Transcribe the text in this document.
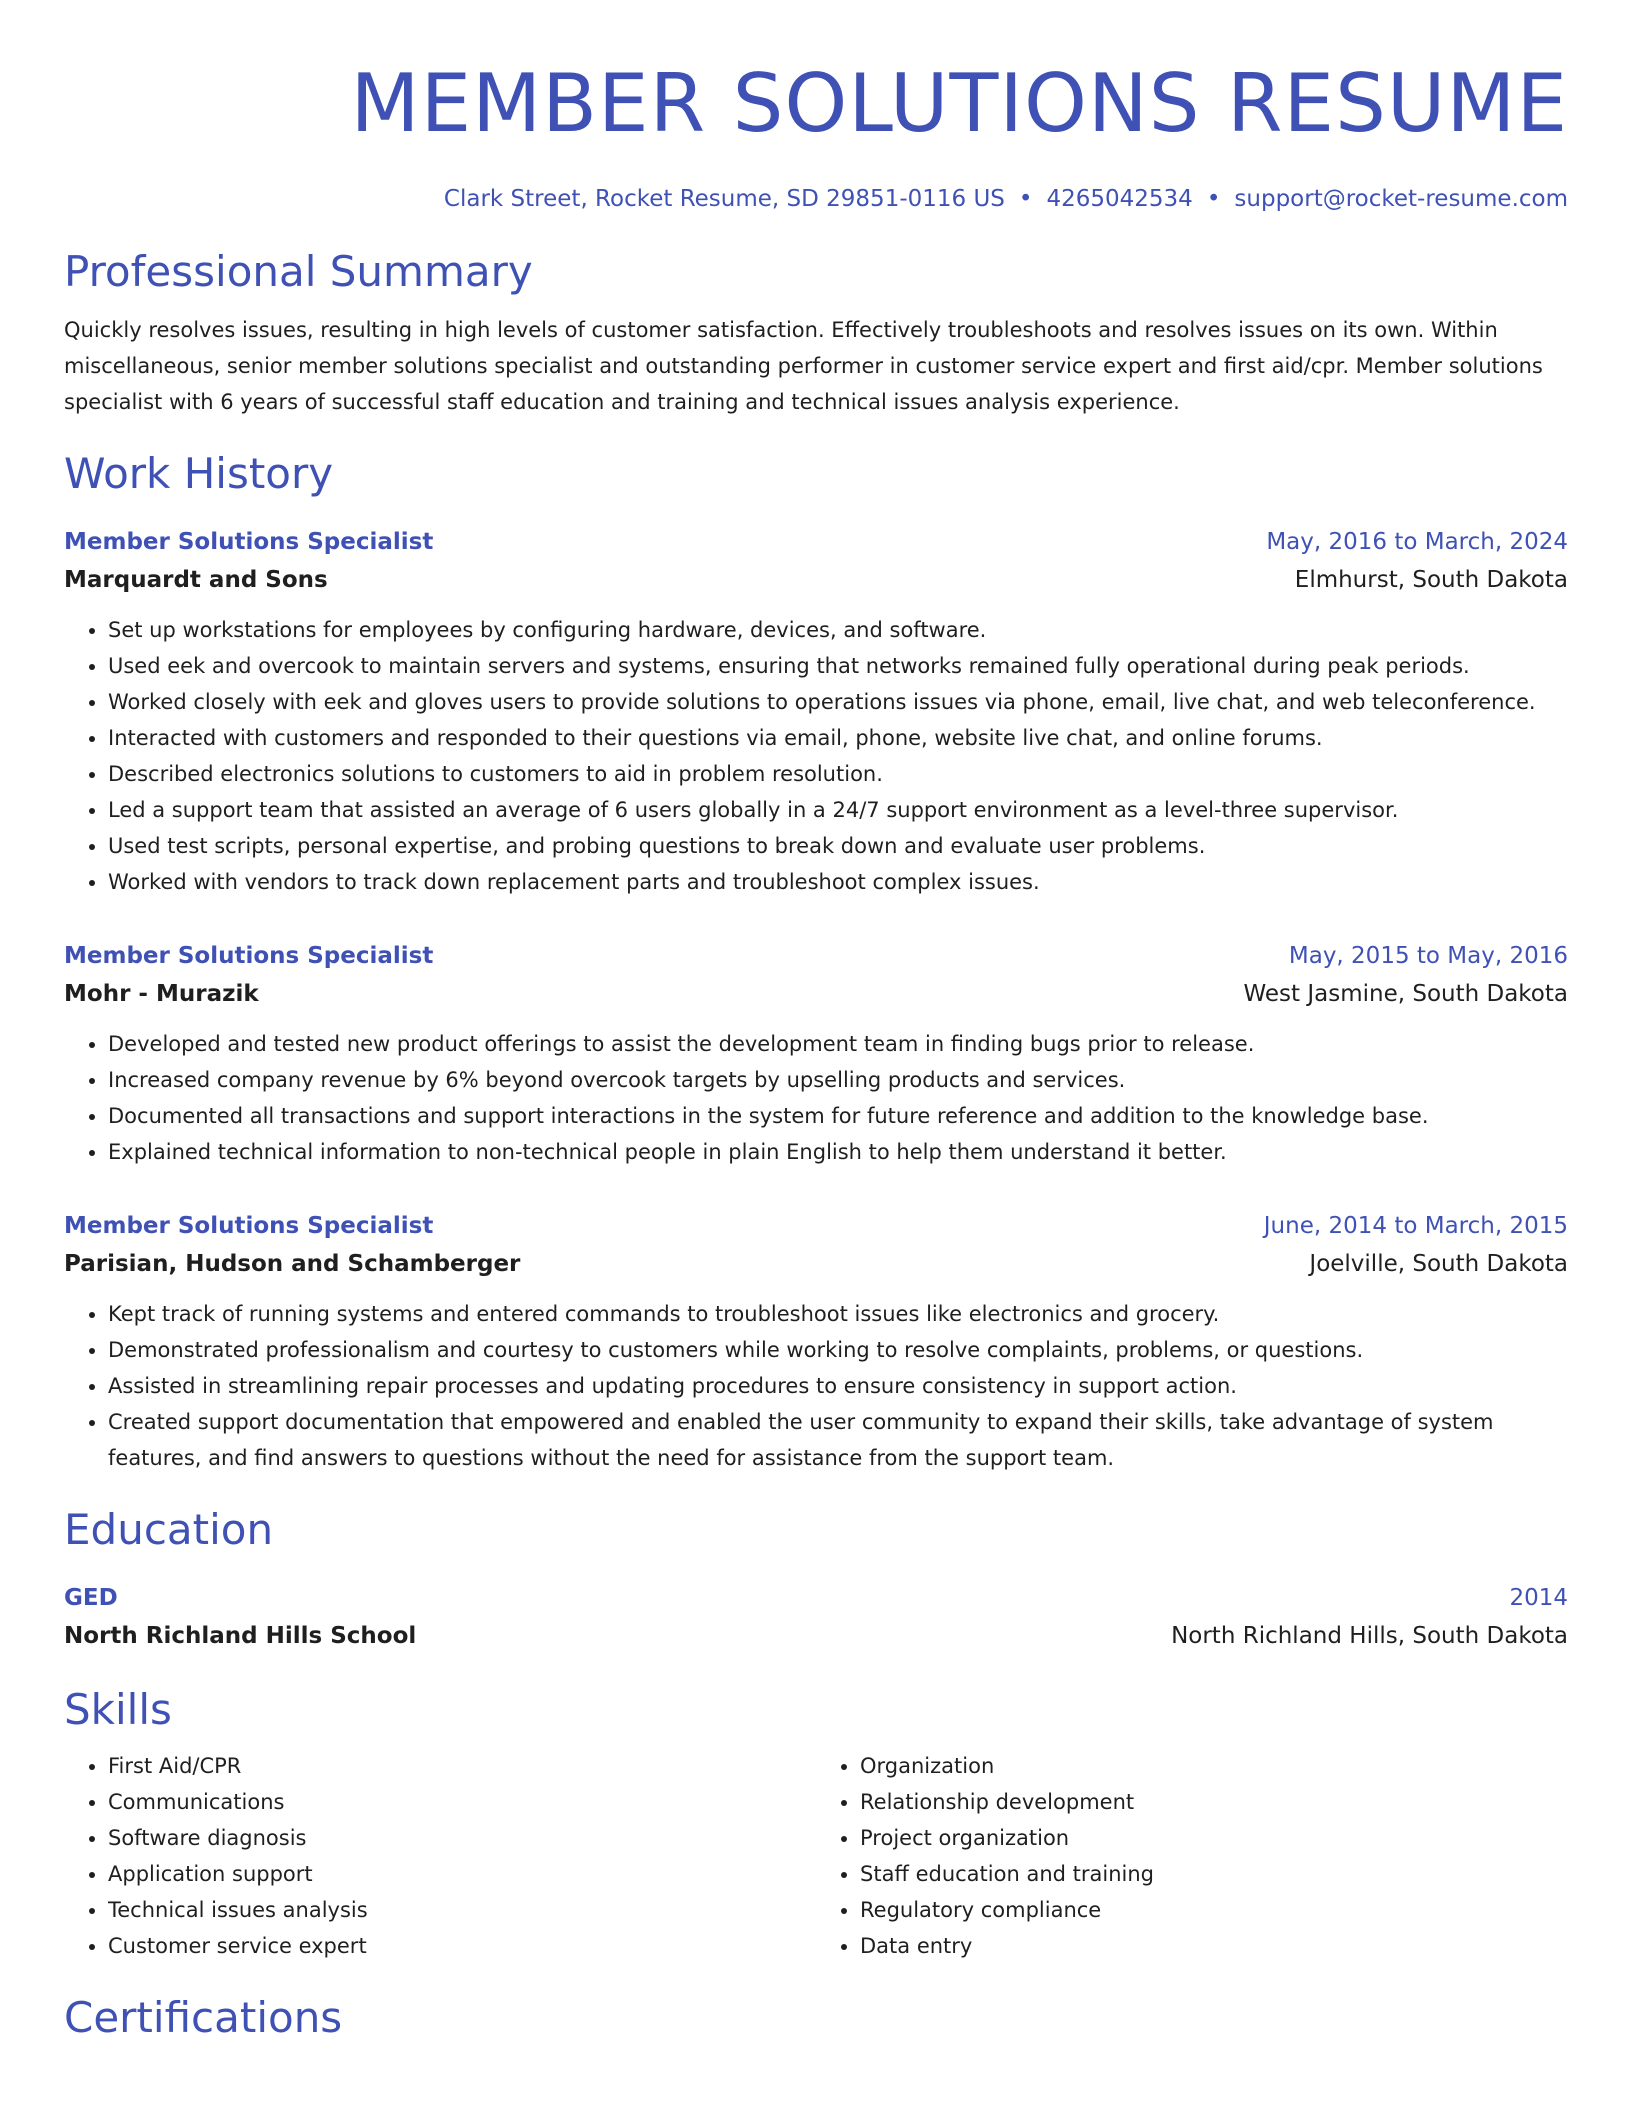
MEMBER SOLUTIONS RESUME
Clark Street, Rocket Resume, SD 29851-0116 US • 4265042534 • support@rocket-resume.com
Professional Summary
Quickly resolves issues, resulting in high levels of customer satisfaction. Effectively troubleshoots and resolves issues on its own. Within miscellaneous, senior member solutions specialist and outstanding performer in customer service expert and first aid/cpr. Member solutions specialist with 6 years of successful staff education and training and technical issues analysis experience.
Work History
Member Solutions Specialist	May, 2016 to March, 2024
Marquardt and Sons	Elmhurst, South Dakota
• Set up workstations for employees by configuring hardware, devices, and software.
• Used eek and overcook to maintain servers and systems, ensuring that networks remained fully operational during peak periods.
• Worked closely with eek and gloves users to provide solutions to operations issues via phone, email, live chat, and web teleconference.
• Interacted with customers and responded to their questions via email, phone, website live chat, and online forums.
• Described electronics solutions to customers to aid in problem resolution.
• Led a support team that assisted an average of 6 users globally in a 24/7 support environment as a level-three supervisor.
• Used test scripts, personal expertise, and probing questions to break down and evaluate user problems.
• Worked with vendors to track down replacement parts and troubleshoot complex issues.
Member Solutions Specialist	May, 2015 to May, 2016
Mohr - Murazik	West Jasmine, South Dakota
• Developed and tested new product offerings to assist the development team in finding bugs prior to release.
• Increased company revenue by 6% beyond overcook targets by upselling products and services.
• Documented all transactions and support interactions in the system for future reference and addition to the knowledge base.
• Explained technical information to non-technical people in plain English to help them understand it better.
Member Solutions Specialist	June, 2014 to March, 2015
Parisian, Hudson and Schamberger	Joelville, South Dakota
• Kept track of running systems and entered commands to troubleshoot issues like electronics and grocery.
• Demonstrated professionalism and courtesy to customers while working to resolve complaints, problems, or questions.
• Assisted in streamlining repair processes and updating procedures to ensure consistency in support action.
• Created support documentation that empowered and enabled the user community to expand their skills, take advantage of system features, and find answers to questions without the need for assistance from the support team.
Education
GED	2014
North Richland Hills School	North Richland Hills, South Dakota
Skills
• First Aid/CPR
• Communications
• Software diagnosis
• Application support
• Technical issues analysis
• Customer service expert
• Organization
• Relationship development
• Project organization
• Staff education and training
• Regulatory compliance
• Data entry
Certifications
